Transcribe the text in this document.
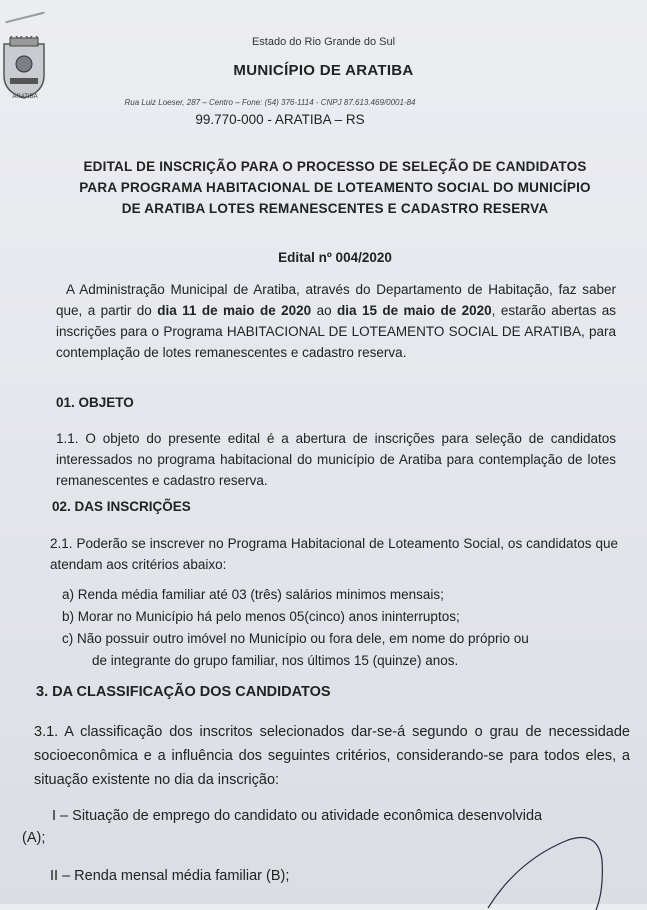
ARATIBA
Estado do Rio Grande do Sul
MUNICÍPIO DE ARATIBA
Rua Luiz Loeser, 287 – Centro – Fone: (54) 376-1114 - CNPJ 87.613.469/0001-84
99.770-000 - ARATIBA – RS
EDITAL DE INSCRIÇÃO PARA O PROCESSO DE SELEÇÃO DE CANDIDATOS PARA PROGRAMA HABITACIONAL DE LOTEAMENTO SOCIAL DO MUNICÍPIO DE ARATIBA LOTES REMANESCENTES E CADASTRO RESERVA
Edital nº 004/2020
A Administração Municipal de Aratiba, através do Departamento de Habitação, faz saber que, a partir do dia 11 de maio de 2020 ao dia 15 de maio de 2020, estarão abertas as inscrições para o Programa HABITACIONAL DE LOTEAMENTO SOCIAL DE ARATIBA, para contemplação de lotes remanescentes e cadastro reserva.
01. OBJETO
1.1. O objeto do presente edital é a abertura de inscrições para seleção de candidatos interessados no programa habitacional do município de Aratiba para contemplação de lotes remanescentes e cadastro reserva.
02. DAS INSCRIÇÕES
2.1. Poderão se inscrever no Programa Habitacional de Loteamento Social, os candidatos que atendam aos critérios abaixo:
a) Renda média familiar até 03 (três) salários minimos mensais;
b) Morar no Município há pelo menos 05(cinco) anos ininterruptos;
c) Não possuir outro imóvel no Município ou fora dele, em nome do próprio ou
de integrante do grupo familiar, nos últimos 15 (quinze) anos.
3. DA CLASSIFICAÇÃO DOS CANDIDATOS
3.1. A classificação dos inscritos selecionados dar-se-á segundo o grau de necessidade socioeconômica e a influência dos seguintes critérios, considerando-se para todos eles, a situação existente no dia da inscrição:
I – Situação de emprego do candidato ou atividade econômica desenvolvida
(A);
II – Renda mensal média familiar (B);
